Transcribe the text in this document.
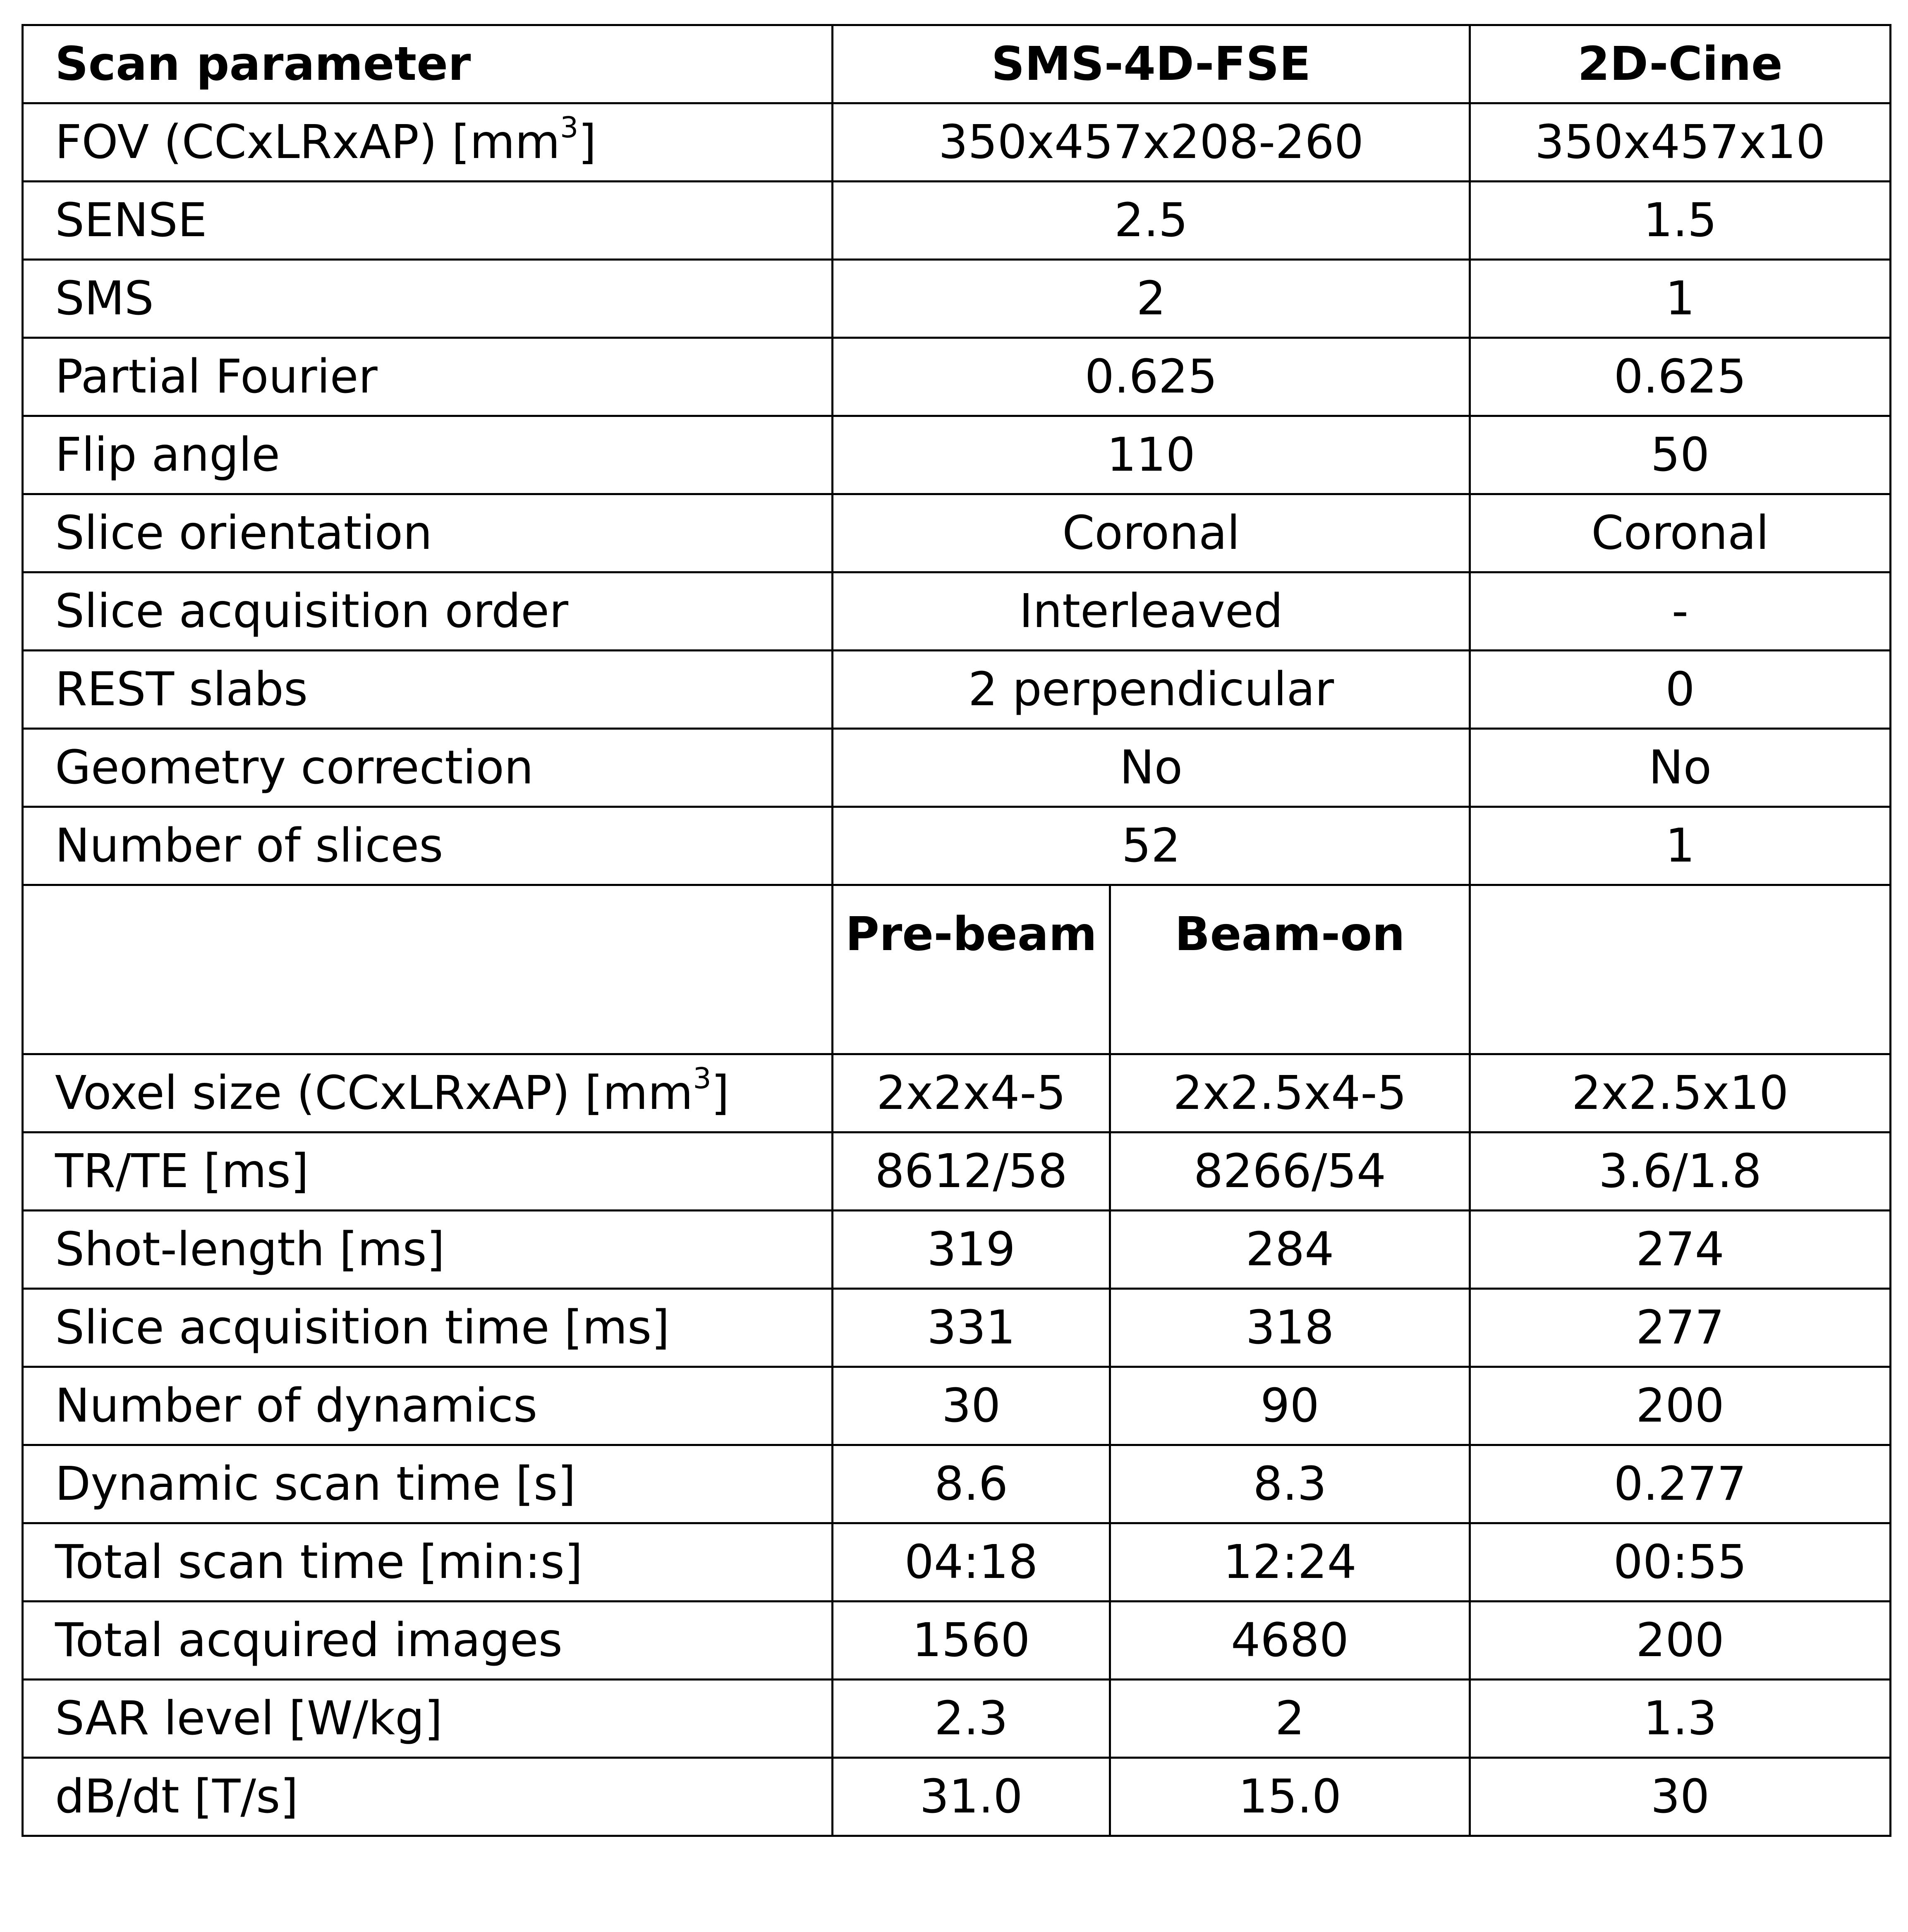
Scan parameter	SMS-4D-FSE		2D-Cine
FOV (CCxLRxAP) $[mm^3]$	350x457x208-260		350x457x10
SENSE	2.5		1.5
SMS	2		1
Partial Fourier	0.625		0.625
Flip angle	110		50
Slice orientation	Coronal		Coronal
Slice acquisition order	Interleaved		-
REST slabs	2 perpendicular		0
Geometry correction	No		No
Number of slices	52		1
	Pre-beam	Beam-on	
Voxel size (CCxLRxAP) $[mm^3]$	2x2x4-5	2x2.5x4-5	2x2.5x10
TR/TE [ms]	8612/58	8266/54	3.6/1.8
Shot-length [ms]	319	284	274
Slice acquisition time [ms]	331	318	277
Number of dynamics	30	90	200
Dynamic scan time [s]	8.6	8.3	0.277
Total scan time [min:s]	04:18	12:24	00:55
Total acquired images	1560	4680	200
SAR level [W/kg]	2.3	2	1.3
dB/dt [T/s]	31.0	15.0	30
